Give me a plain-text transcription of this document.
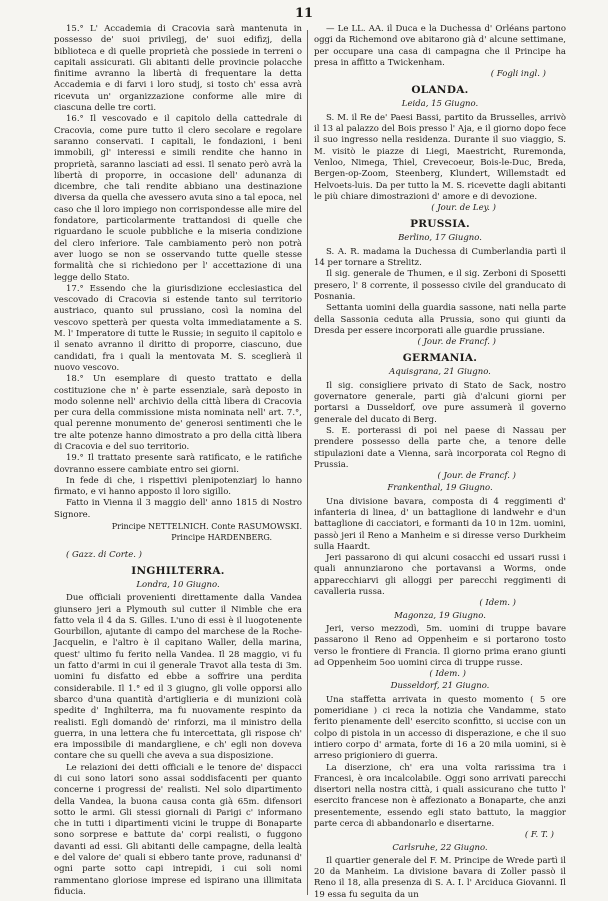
11

15.° L' Accademia di Cracovia sarà mantenuta in possesso de' suoi privilegj, de' suoi edifizj, della biblioteca e di quelle proprietà che possiede in terreni o capitali assicurati. Gli abitanti delle provincie polacche finitime avranno la libertà di frequentare la detta Accademia e di farvi i loro studj, si tosto ch' essa avrà ricevuta un' organizzazione conforme alle mire di ciascuna delle tre corti.

16.° Il vescovado e il capitolo della cattedrale di Cracovia, come pure tutto il clero secolare e regolare saranno conservati. I capitali, le fondazioni, i beni immobili, gl' interessi e simili rendite che hanno in proprietà, saranno lasciati ad essi. Il senato però avrà la libertà di proporre, in occasione dell' adunanza di dicembre, che tali rendite abbiano una destinazione diversa da quella che avessero avuta sino a tal epoca, nel caso che il loro impiego non corrispondesse alle mire del fondatore, particolarmente trattandosi di quelle che riguardano le scuole pubbliche e la miseria condizione del clero inferiore. Tale cambiamento però non potrà aver luogo se non se osservando tutte quelle stesse formalità che si richiedono per l' accettazione di una legge dello Stato.

17.° Essendo che la giurisdizione ecclesiastica del vescovado di Cracovia si estende tanto sul territorio austriaco, quanto sul prussiano, così la nomina del vescovo spetterà per questa volta immediatamente a S. M. l' Imperatore di tutte le Russie; in seguito il capitolo e il senato avranno il diritto di proporre, ciascuno, due candidati, fra i quali la mentovata M. S. sceglierà il nuovo vescovo.

18.° Un esemplare di questo trattato e della costituzione che n' è parte essenziale, sarà deposto in modo solenne nell' archivio della città libera di Cracovia per cura della commissione mista nominata nell' art. 7.°, qual perenne monumento de' generosi sentimenti che le tre alte potenze hanno dimostrato a pro della città libera di Cracovia e del suo territorio.

19.° Il trattato presente sarà ratificato, e le ratifiche dovranno essere cambiate entro sei giorni.

In fede di che, i rispettivi plenipotenziarj lo hanno firmato, e vi hanno apposto il loro sigillo.

Fatto in Vienna il 3 maggio dell' anno 1815 di Nostro Signore.

Principe NETTELNICH. Conte RASUMOWSKI.
Principe HARDENBERG.

( Gazz. di Corte. )

INGHILTERRA.
Londra, 10 Giugno.

Due officiali provenienti direttamente dalla Vandea giunsero jeri a Plymouth sul cutter il Nimble che era fatto vela il 4 da S. Gilles. L'uno di essi è il luogotenente Gourbillon, ajutante di campo del marchese de la Roche-Jacquelin, e l'altro è il capitano Waller, della marina, quest' ultimo fu ferito nella Vandea. Il 28 maggio, vi fu un fatto d'armi in cui il generale Travot alla testa di 3m. uomini fu disfatto ed ebbe a soffrire una perdita considerabile. Il 1.° ed il 3 giugno, gli volle opporsi allo sbarco d'una quantità d'artiglieria e di munizioni colà spedite d' Inghilterra, ma fu nuovamente respinto da realisti. Egli domandò de' rinforzi, ma il ministro della guerra, in una lettera che fu intercettata, gli rispose ch' era impossibile di mandargliene, e ch' egli non doveva contare che su quelli che aveva a sua disposizione.

Le relazioni dei detti officiali e le tenore de' dispacci di cui sono latori sono assai soddisfacenti per quanto concerne i progressi de' realisti. Nel solo dipartimento della Vandea, la buona causa conta già 65m. difensori sotto le armi. Gli stessi giornali di Parigi c' informano che in tutti i dipartimenti vicini le truppe di Bonaparte sono sorprese e battute da' corpi realisti, o fuggono davanti ad essi. Gli abitanti delle campagne, della lealtà e del valore de' quali si ebbero tante prove, radunansi d' ogni parte sotto capi intrepidi, i cui soli nomi rammentano gloriose imprese ed ispirano una illimitata fiducia.

— Le LL. AA. il Duca e la Duchessa d' Orléans partono oggi da Richemond ove abitarono già d' alcune settimane, per occupare una casa di campagna che il Principe ha presa in affitto a Twickenham.

( Fogli ingl. )
OLANDA.
Leida, 15 Giugno.

S. M. il Re de' Paesi Bassi, partito da Brusselles, arrivò il 13 al palazzo del Bois presso l' Aja, e il giorno dopo fece il suo ingresso nella residenza. Durante il suo viaggio, S. M. visitò le piazze di Liegi, Maestricht, Ruremonda, Venloo, Nimega, Thiel, Crevecoeur, Bois-le-Duc, Breda, Bergen-op-Zoom, Steenberg, Klundert, Willemstadt ed Helvoets-luis. Da per tutto la M. S. ricevette dagli abitanti le più chiare dimostrazioni d' amore e di devozione.

( Jour. de Ley. )
PRUSSIA.
Berlino, 17 Giugno.

S. A. R. madama la Duchessa di Cumberlandia partì il 14 per tornare a Strelitz.

Il sig. generale de Thumen, e il sig. Zerboni di Sposetti presero, l' 8 corrente, il possesso civile del granducato di Posnania.

Settanta uomini della guardia sassone, nati nella parte della Sassonia ceduta alla Prussia, sono qui giunti da Dresda per essere incorporati alle guardie prussiane.

( Jour. de Francf. )
GERMANIA.
Aquisgrana, 21 Giugno.

Il sig. consigliere privato di Stato de Sack, nostro governatore generale, parti già d'alcuni giorni per portarsi a Dusseldorf, ove pure assumerà il governo generale del ducato di Berg.

S. E. porterassi di poi nel paese di Nassau per prendere possesso della parte che, a tenore delle stipulazioni date a Vienna, sarà incorporata col Regno di Prussia.

( Jour. de Francf. )
Frankenthal, 19 Giugno.

Una divisione bavara, composta di 4 reggimenti d' infanteria di linea, d' un battaglione di landwehr e d'un battaglione di cacciatori, e formanti da 10 in 12m. uomini, passò jeri il Reno a Manheim e si diresse verso Durkheim sulla Haardt.

Jeri passarono di qui alcuni cosacchi ed ussari russi i quali annunziarono che portavansi a Worms, onde apparecchiarvi gli alloggi per parecchi reggimenti di cavalleria russa.

( Idem. )
Magonza, 19 Giugno.

Jeri, verso mezzodì, 5m. uomini di truppe bavare passarono il Reno ad Oppenheim e si portarono tosto verso le frontiere di Francia. Il giorno prima erano giunti ad Oppenheim 5oo uomini circa di truppe russe.

( Idem. )
Dusseldorf, 21 Giugno.

Una staffetta arrivata in questo momento ( 5 ore pomeridiane ) ci reca la notizia che Vandamme, stato ferito pienamente dell' esercito sconfitto, si uccise con un colpo di pistola in un accesso di disperazione, e che il suo intiero corpo d' armata, forte di 16 a 20 mila uomini, si è arreso prigioniero di guerra.

La diserzione, ch' era una volta rarissima tra i Francesi, è ora incalcolabile. Oggi sono arrivati parecchi disertori nella nostra città, i quali assicurano che tutto l' esercito francese non è affezionato a Bonaparte, che anzi presentemente, essendo egli stato battuto, la maggior parte cerca di abbandonarlo e disertarne.

( F. T. )
Carlsruhe, 22 Giugno.

Il quartier generale del F. M. Principe de Wrede partì il 20 da Manheim. La divisione bavara di Zoller passò il Reno il 18, alla presenza di S. A. I. l' Arciduca Giovanni. Il 19 essa fu seguita da un
